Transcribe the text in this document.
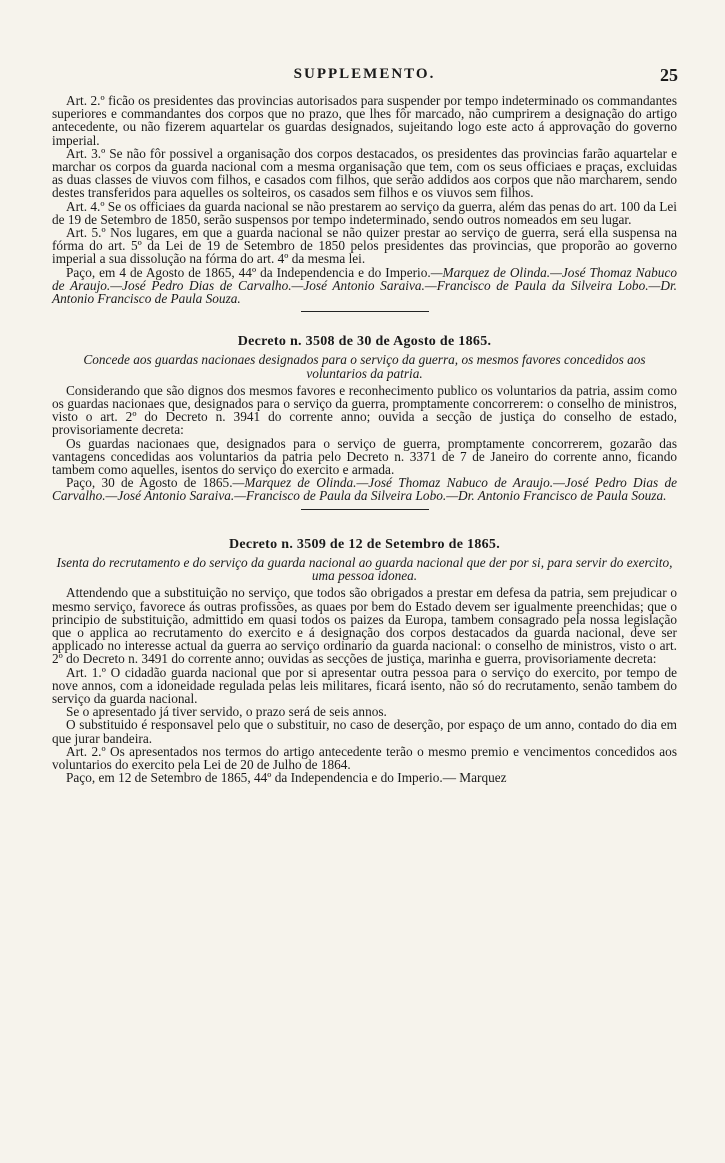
SUPPLEMENTO.	25

Art. 2.º ficão os presidentes das provincias autorisados para suspender por tempo indeterminado os commandantes superiores e commandantes dos corpos que no prazo, que lhes fôr marcado, não cumprirem a designação do artigo antecedente, ou não fizerem aquartelar os guardas designados, sujeitando logo este acto á approvação do governo imperial.

Art. 3.º Se não fôr possivel a organisação dos corpos destacados, os presidentes das provincias farão aquartelar e marchar os corpos da guarda nacional com a mesma organisação que tem, com os seus officiaes e praças, excluidas as duas classes de viuvos com filhos, e casados com filhos, que serão addidos aos corpos que não marcharem, sendo destes transferidos para aquelles os solteiros, os casados sem filhos e os viuvos sem filhos.

Art. 4.º Se os officiaes da guarda nacional se não prestarem ao serviço da guerra, além das penas do art. 100 da Lei de 19 de Setembro de 1850, serão suspensos por tempo indeterminado, sendo outros nomeados em seu lugar.

Art. 5.º Nos lugares, em que a guarda nacional se não quizer prestar ao serviço de guerra, será ella suspensa na fórma do art. 5º da Lei de 19 de Setembro de 1850 pelos presidentes das provincias, que proporão ao governo imperial a sua dissolução na fórma do art. 4º da mesma lei.

Paço, em 4 de Agosto de 1865, 44º da Independencia e do Imperio.—Marquez de Olinda.—José Thomaz Nabuco de Araujo.—José Pedro Dias de Carvalho.—José Antonio Saraiva.—Francisco de Paula da Silveira Lobo.—Dr. Antonio Francisco de Paula Souza.

Decreto n. 3508 de 30 de Agosto de 1865.

Concede aos guardas nacionaes designados para o serviço da guerra, os mesmos favores concedidos aos voluntarios da patria.

Considerando que são dignos dos mesmos favores e reconhecimento publico os voluntarios da patria, assim como os guardas nacionaes que, designados para o serviço da guerra, promptamente concorrerem: o conselho de ministros, visto o art. 2º do Decreto n. 3941 do corrente anno; ouvida a secção de justiça do conselho de estado, provisoriamente decreta:

Os guardas nacionaes que, designados para o serviço de guerra, promptamente concorrerem, gozarão das vantagens concedidas aos voluntarios da patria pelo Decreto n. 3371 de 7 de Janeiro do corrente anno, ficando tambem como aquelles, isentos do serviço do exercito e armada.

Paço, 30 de Agosto de 1865.—Marquez de Olinda.—José Thomaz Nabuco de Araujo.—José Pedro Dias de Carvalho.—José Antonio Saraiva.—Francisco de Paula da Silveira Lobo.—Dr. Antonio Francisco de Paula Souza.

Decreto n. 3509 de 12 de Setembro de 1865.

Isenta do recrutamento e do serviço da guarda nacional ao guarda nacional que der por si, para servir do exercito, uma pessoa idonea.

Attendendo que a substituição no serviço, que todos são obrigados a prestar em defesa da patria, sem prejudicar o mesmo serviço, favorece ás outras profissões, as quaes por bem do Estado devem ser igualmente preenchidas; que o principio de substituição, admittido em quasi todos os paizes da Europa, tambem consagrado pela nossa legislação que o applica ao recrutamento do exercito e á designação dos corpos destacados da guarda nacional, deve ser applicado no interesse actual da guerra ao serviço ordinario da guarda nacional: o conselho de ministros, visto o art. 2º do Decreto n. 3491 do corrente anno; ouvidas as secções de justiça, marinha e guerra, provisoriamente decreta:

Art. 1.º O cidadão guarda nacional que por si apresentar outra pessoa para o serviço do exercito, por tempo de nove annos, com a idoneidade regulada pelas leis militares, ficará isento, não só do recrutamento, senão tambem do serviço da guarda nacional.

Se o apresentado já tiver servido, o prazo será de seis annos.

O substituido é responsavel pelo que o substituir, no caso de deserção, por espaço de um anno, contado do dia em que jurar bandeira.

Art. 2.º Os apresentados nos termos do artigo antecedente terão o mesmo premio e vencimentos concedidos aos voluntarios do exercito pela Lei de 20 de Julho de 1864.

Paço, em 12 de Setembro de 1865, 44º da Independencia e do Imperio.— Marquez
